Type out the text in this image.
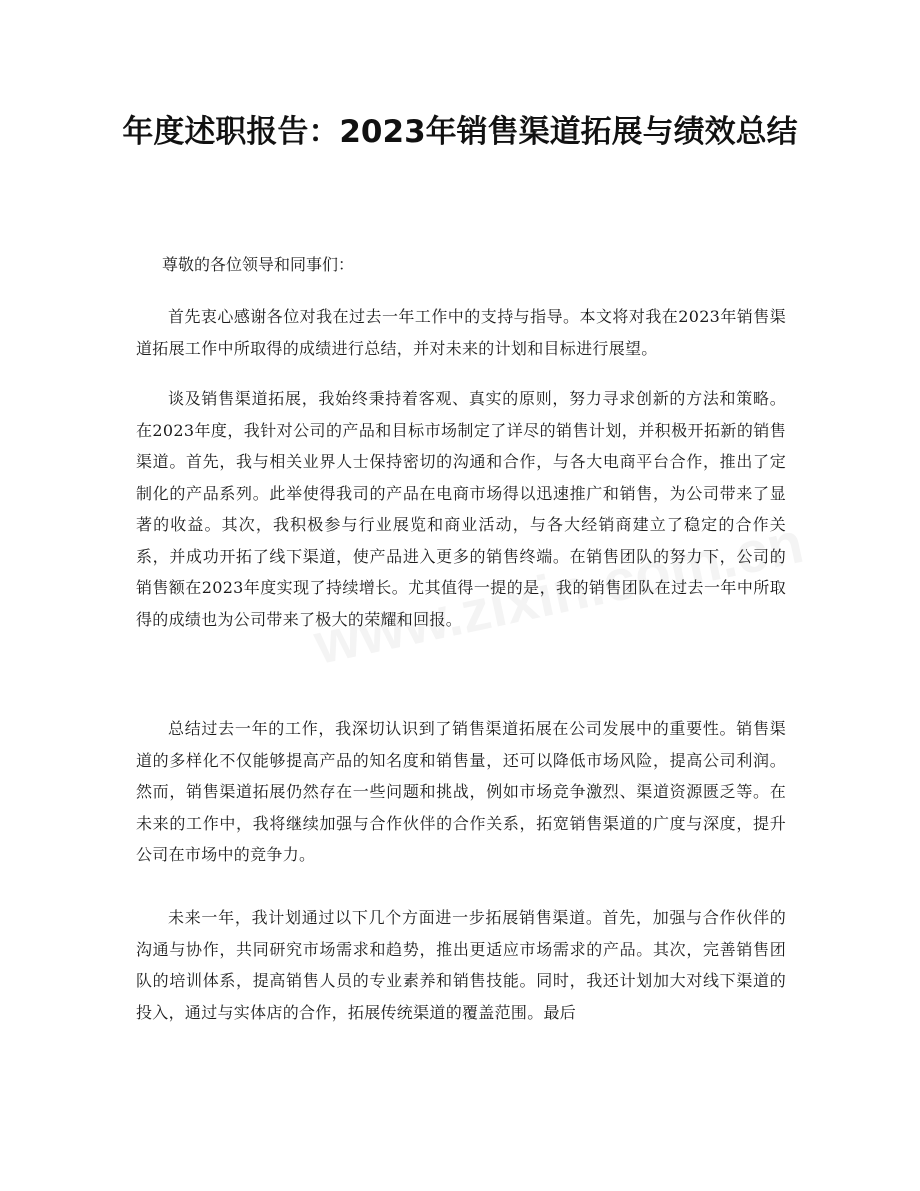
年度述职报告：2023年销售渠道拓展与绩效总结

尊敬的各位领导和同事们：

首先衷心感谢各位对我在过去一年工作中的支持与指导。本文将对我在2023年销售渠道拓展工作中所取得的成绩进行总结，并对未来的计划和目标进行展望。

谈及销售渠道拓展，我始终秉持着客观、真实的原则，努力寻求创新的方法和策略。在2023年度，我针对公司的产品和目标市场制定了详尽的销售计划，并积极开拓新的销售渠道。首先，我与相关业界人士保持密切的沟通和合作，与各大电商平台合作，推出了定制化的产品系列。此举使得我司的产品在电商市场得以迅速推广和销售，为公司带来了显著的收益。其次，我积极参与行业展览和商业活动，与各大经销商建立了稳定的合作关系，并成功开拓了线下渠道，使产品进入更多的销售终端。在销售团队的努力下，公司的销售额在2023年度实现了持续增长。尤其值得一提的是，我的销售团队在过去一年中所取得的成绩也为公司带来了极大的荣耀和回报。

总结过去一年的工作，我深切认识到了销售渠道拓展在公司发展中的重要性。销售渠道的多样化不仅能够提高产品的知名度和销售量，还可以降低市场风险，提高公司利润。然而，销售渠道拓展仍然存在一些问题和挑战，例如市场竞争激烈、渠道资源匮乏等。在未来的工作中，我将继续加强与合作伙伴的合作关系，拓宽销售渠道的广度与深度，提升公司在市场中的竞争力。

未来一年，我计划通过以下几个方面进一步拓展销售渠道。首先，加强与合作伙伴的沟通与协作，共同研究市场需求和趋势，推出更适应市场需求的产品。其次，完善销售团队的培训体系，提高销售人员的专业素养和销售技能。同时，我还计划加大对线下渠道的投入，通过与实体店的合作，拓展传统渠道的覆盖范围。最后
